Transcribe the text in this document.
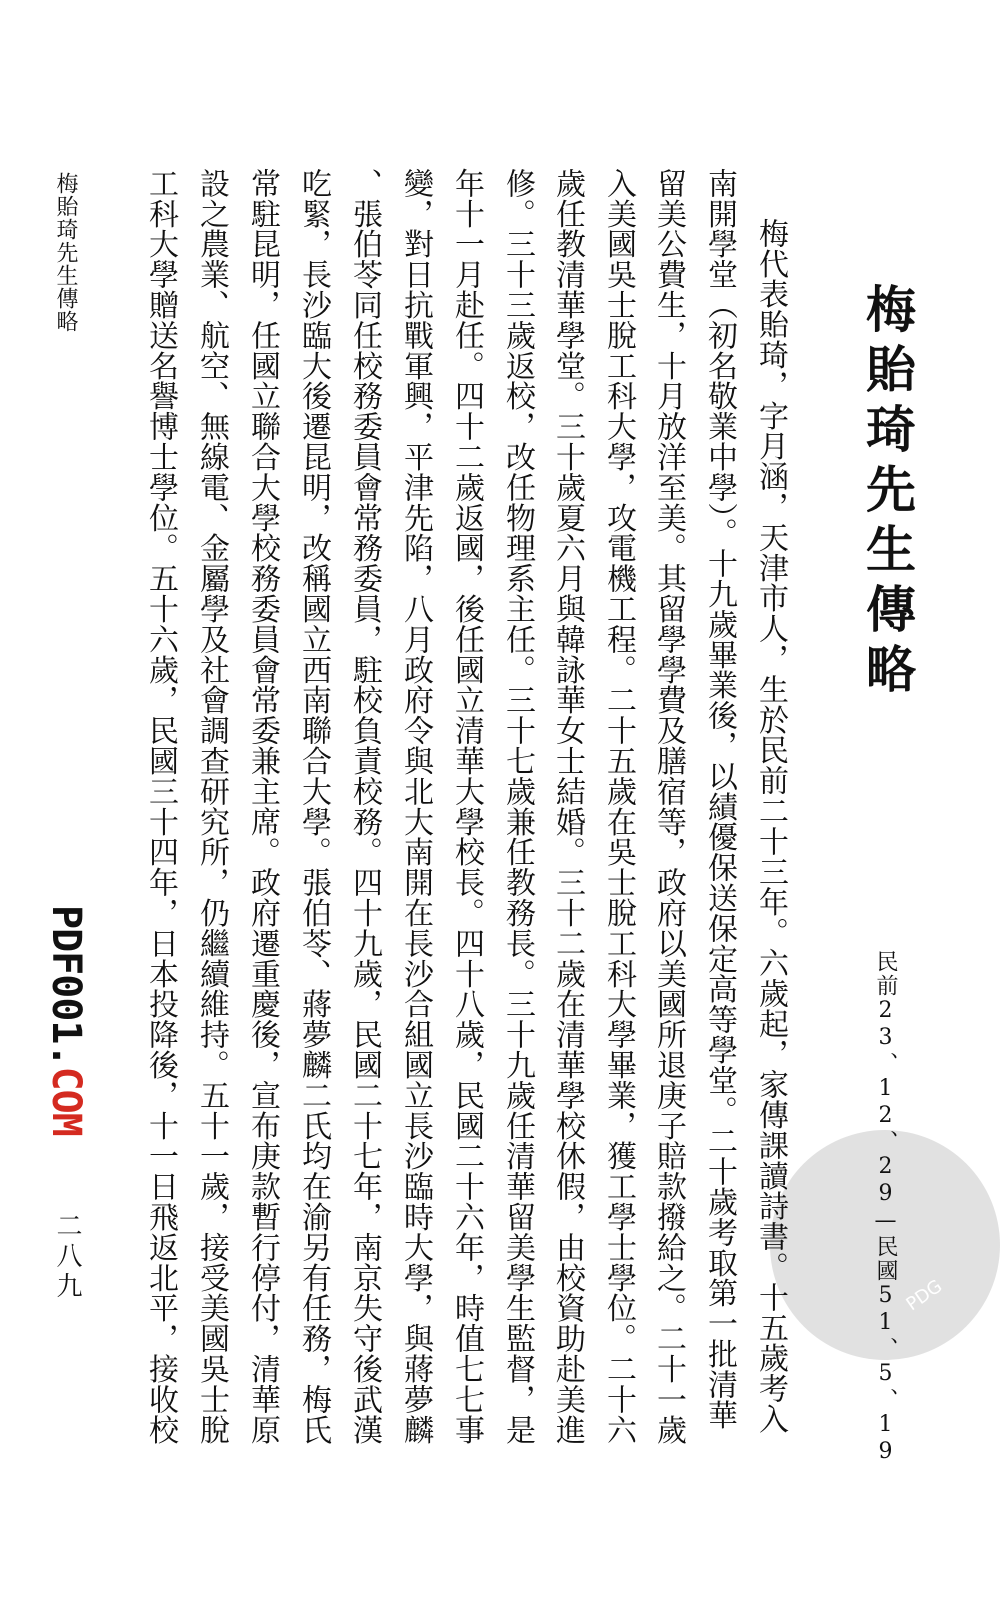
PDG
梅貽琦先生傳略
民前23、12、29—民國51、5、19

梅代表貽琦，字月涵，天津市人，生於民前二十三年。六歲起，家傳課讀詩書。十五歲考入

南開學堂（初名敬業中學）。十九歲畢業後，以績優保送保定高等學堂。二十歲考取第一批清華

留美公費生，十月放洋至美。其留學學費及膳宿等，政府以美國所退庚子賠款撥給之。二十一歲

入美國吳士脫工科大學，攻電機工程。二十五歲在吳士脫工科大學畢業，獲工學士學位。二十六

歲任教清華學堂。三十歲夏六月與韓詠華女士結婚。三十二歲在清華學校休假，由校資助赴美進

修。三十三歲返校，改任物理系主任。三十七歲兼任教務長。三十九歲任清華留美學生監督，是

年十一月赴任。四十二歲返國，後任國立清華大學校長。四十八歲，民國二十六年，時值七七事

變，對日抗戰軍興，平津先陷，八月政府令與北大南開在長沙合組國立長沙臨時大學，與蔣夢麟

、張伯苓同任校務委員會常務委員，駐校負責校務。四十九歲，民國二十七年，南京失守後武漢

吃緊，長沙臨大後遷昆明，改稱國立西南聯合大學。張伯苓、蔣夢麟二氏均在渝另有任務，梅氏

常駐昆明，任國立聯合大學校務委員會常委兼主席。政府遷重慶後，宣布庚款暫行停付，清華原

設之農業、航空、無線電、金屬學及社會調查研究所，仍繼續維持。五十一歲，接受美國吳士脫

工科大學贈送名譽博士學位。五十六歲，民國三十四年，日本投降後，十一日飛返北平，接收校

梅貽琦先生傳略
PDF001.COM
二八九
